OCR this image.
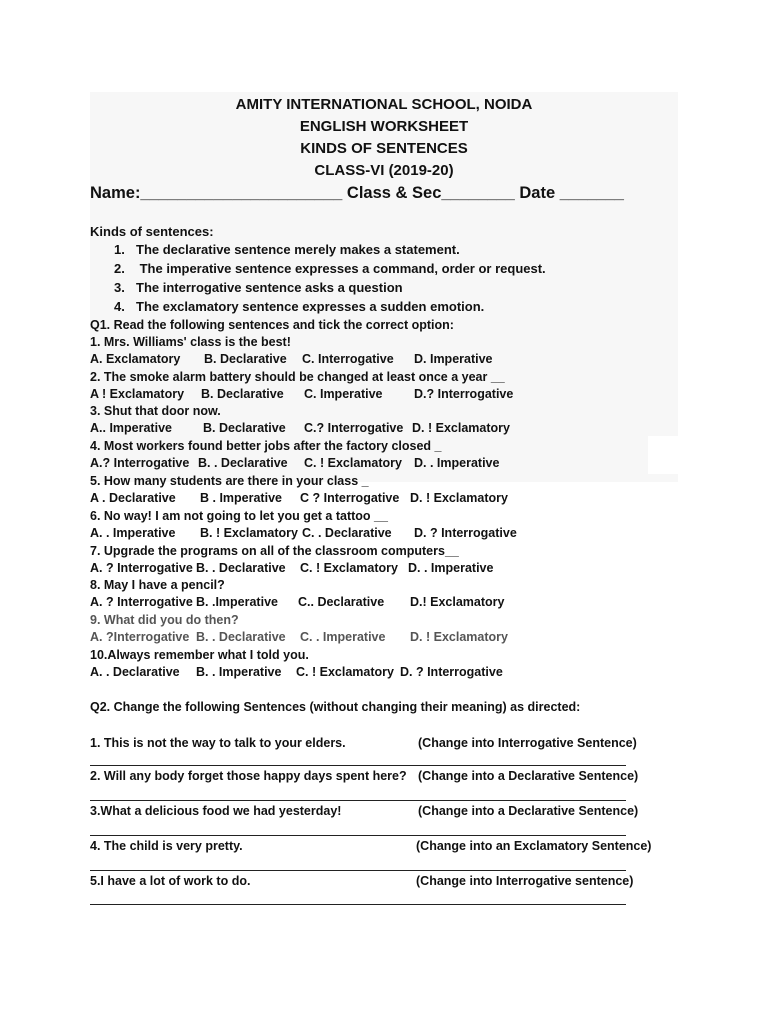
AMITY INTERNATIONAL SCHOOL, NOIDA
ENGLISH WORKSHEET
KINDS OF SENTENCES
CLASS-VI (2019-20)
Name:______________________ Class & Sec________ Date _______
Kinds of sentences:
1. The declarative sentence merely makes a statement.
2. The imperative sentence expresses a command, order or request.
3. The interrogative sentence asks a question
4. The exclamatory sentence expresses a sudden emotion.
Q1. Read the following sentences and tick the correct option:
1. Mrs. Williams' class is the best!
A. Exclamatory B. Declarative C. Interrogative D. Imperative
2. The smoke alarm battery should be changed at least once a year __
A ! Exclamatory B. Declarative C. Imperative	D.? Interrogative
3. Shut that door now.
A.. Imperative B. Declarative C.? Interrogative D. ! Exclamatory
4. Most workers found better jobs after the factory closed _
A.? Interrogative B. . Declarative C. ! Exclamatory D. . Imperative
5. How many students are there in your class _
A . Declarative B . Imperative C ? Interrogative D. ! Exclamatory
6. No way! I am not going to let you get a tattoo __
A. . Imperative B. ! Exclamatory C. . Declarative D. ? Interrogative
7. Upgrade the programs on all of the classroom computers__
A. ? Interrogative B. . Declarative C. ! Exclamatory D. . Imperative
8. May I have a pencil?
A. ? Interrogative B. .Imperative C.. Declarative D.! Exclamatory
9. What did you do then?
A. ?Interrogative B. . Declarative C. . Imperative D. ! Exclamatory
10.Always remember what I told you.
A. . Declarative B. . Imperative C. ! Exclamatory D. ? Interrogative
Q2. Change the following Sentences (without changing their meaning) as directed:
1. This is not the way to talk to your elders.	(Change into Interrogative Sentence)
2. Will any body forget those happy days spent here? (Change into a Declarative Sentence)
3.What a delicious food we had yesterday!	(Change into a Declarative Sentence)
4. The child is very pretty.	(Change into an Exclamatory Sentence)
5.I have a lot of work to do.	(Change into Interrogative sentence)
